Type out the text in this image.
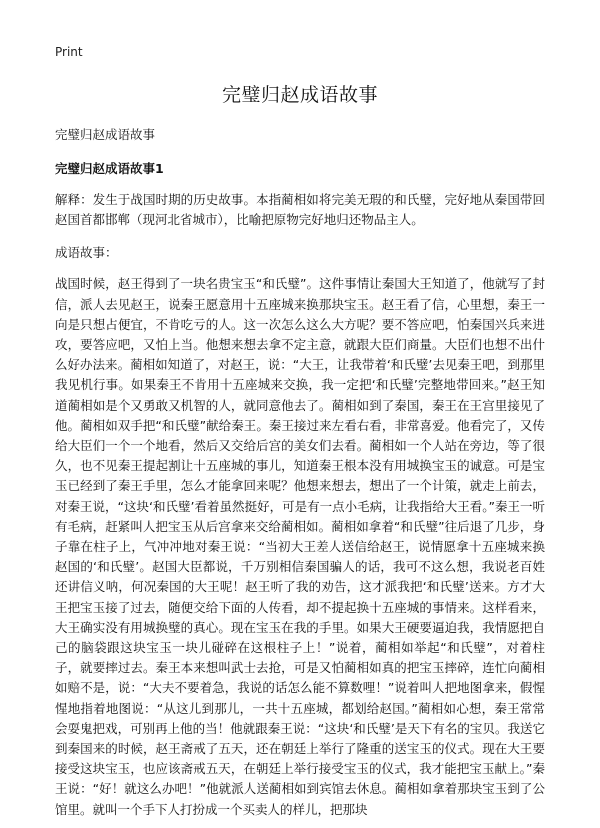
Print
完璧归赵成语故事
完璧归赵成语故事
完璧归赵成语故事1

解释：发生于战国时期的历史故事。本指蔺相如将完美无瑕的和氏璧，完好地从秦国带回赵国首都邯郸（现河北省城市），比喻把原物完好地归还物品主人。

成语故事：

战国时候，赵王得到了一块名贵宝玉“和氏璧”。这件事情让秦国大王知道了，他就写了封信，派人去见赵王，说秦王愿意用十五座城来换那块宝玉。赵王看了信，心里想，秦王一向是只想占便宜，不肯吃亏的人。这一次怎么这么大方呢？要不答应吧，怕秦国兴兵来进攻，要答应吧，又怕上当。他想来想去拿不定主意，就跟大臣们商量。大臣们也想不出什么好办法来。蔺相如知道了，对赵王，说：“大王，让我带着‘和氏璧’去见秦王吧，到那里我见机行事。如果秦王不肯用十五座城来交换，我一定把‘和氏璧’完整地带回来。”赵王知道蔺相如是个又勇敢又机智的人，就同意他去了。蔺相如到了秦国，秦王在王宫里接见了他。蔺相如双手把“和氏璧”献给秦王。秦王接过来左看右看，非常喜爱。他看完了，又传给大臣们一个一个地看，然后又交给后宫的美女们去看。蔺相如一个人站在旁边，等了很久，也不见秦王提起割让十五座城的事儿，知道秦王根本没有用城换宝玉的诚意。可是宝玉已经到了秦王手里，怎么才能拿回来呢？他想来想去，想出了一个计策，就走上前去，对秦王说，“这块‘和氏璧’看着虽然挺好，可是有一点小毛病，让我指给大王看。”秦王一听有毛病，赶紧叫人把宝玉从后宫拿来交给蔺相如。蔺相如拿着“和氏璧”往后退了几步，身子靠在柱子上，气冲冲地对秦王说：“当初大王差人送信给赵王，说情愿拿十五座城来换赵国的‘和氏璧’。赵国大臣都说，千万别相信秦国骗人的话，我可不这么想，我说老百姓还讲信义呐，何况秦国的大王呢！赵王听了我的劝告，这才派我把‘和氏璧’送来。方才大王把宝玉接了过去，随便交给下面的人传看，却不提起换十五座城的事情来。这样看来，大王确实没有用城换璧的真心。现在宝玉在我的手里。如果大王硬要逼迫我，我情愿把自己的脑袋跟这块宝玉一块儿碰碎在这根柱子上！”说着，蔺相如举起“和氏璧”，对着柱子，就要摔过去。秦王本来想叫武士去抢，可是又怕蔺相如真的把宝玉摔碎，连忙向蔺相如赔不是，说：“大夫不要着急，我说的话怎么能不算数哩！”说着叫人把地图拿来，假惺惺地指着地图说：“从这儿到那儿，一共十五座城，都划给赵国。”蔺相如心想，秦王常常会耍鬼把戏，可别再上他的当！他就跟秦王说：“这块‘和氏璧’是天下有名的宝贝。我送它到秦国来的时候，赵王斋戒了五天，还在朝廷上举行了隆重的送宝玉的仪式。现在大王要接受这块宝玉，也应该斋戒五天，在朝廷上举行接受宝玉的仪式，我才能把宝玉献上。”秦王说：“好！就这么办吧！”他就派人送蔺相如到宾馆去休息。蔺相如拿着那块宝玉到了公馆里。就叫一个手下人打扮成一个买卖人的样儿，把那块
